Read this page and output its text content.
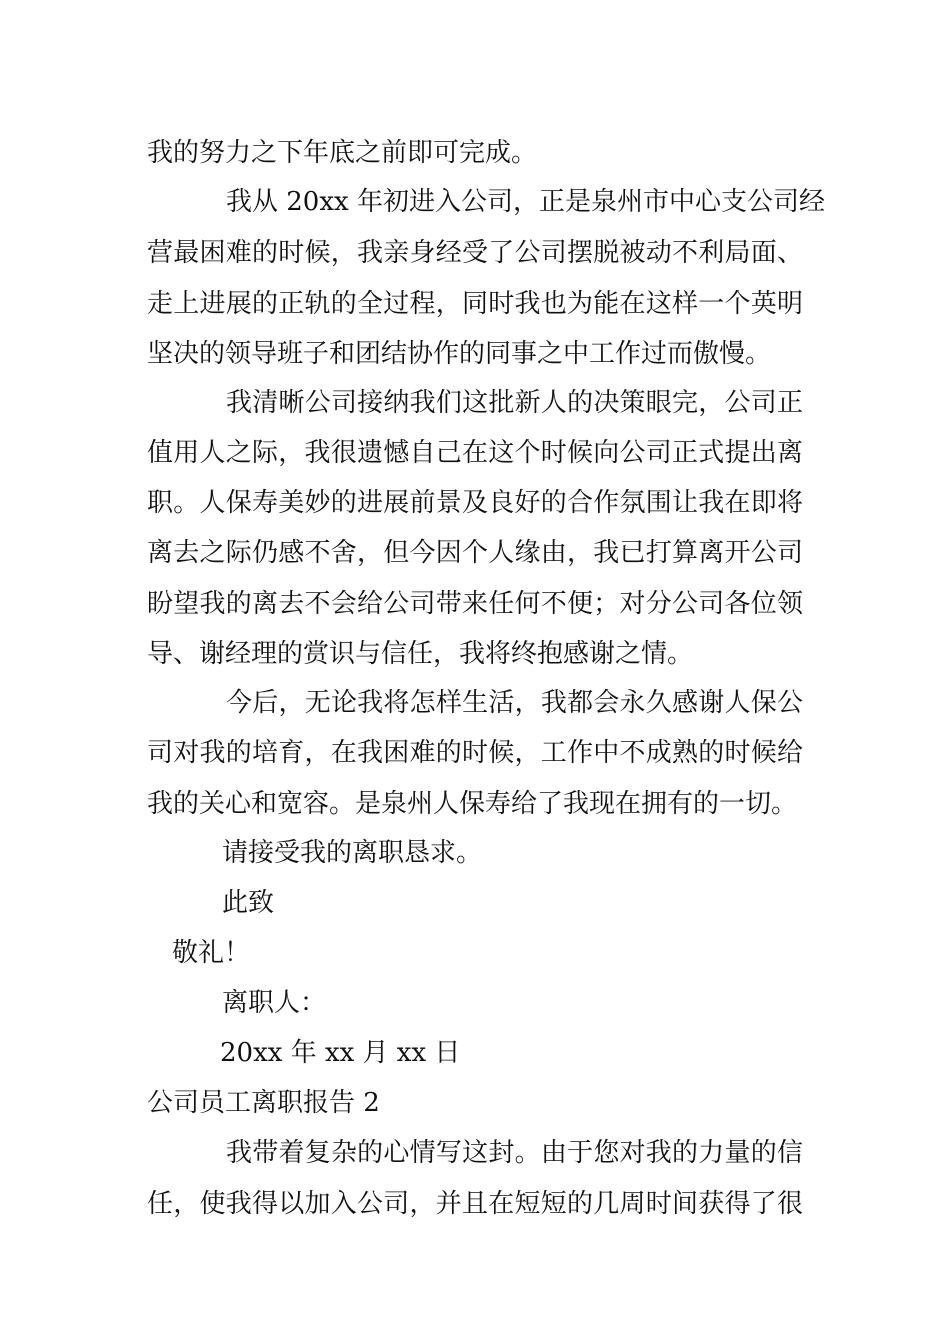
我的努力之下年底之前即可完成。
我从 20xx 年初进入公司，正是泉州市中心支公司经
营最困难的时候，我亲身经受了公司摆脱被动不利局面、
走上进展的正轨的全过程，同时我也为能在这样一个英明
坚决的领导班子和团结协作的同事之中工作过而傲慢。
我清晰公司接纳我们这批新人的决策眼完，公司正
值用人之际，我很遗憾自己在这个时候向公司正式提出离
职。人保寿美妙的进展前景及良好的合作氛围让我在即将
离去之际仍感不舍，但今因个人缘由，我已打算离开公司
盼望我的离去不会给公司带来任何不便；对分公司各位领
导、谢经理的赏识与信任，我将终抱感谢之情。
今后，无论我将怎样生活，我都会永久感谢人保公
司对我的培育，在我困难的时候，工作中不成熟的时候给
我的关心和宽容。是泉州人保寿给了我现在拥有的一切。
请接受我的离职恳求。
此致
敬礼！
离职人：
20xx 年 xx 月 xx 日
公司员工离职报告 2
我带着复杂的心情写这封。由于您对我的力量的信
任，使我得以加入公司，并且在短短的几周时间获得了很
